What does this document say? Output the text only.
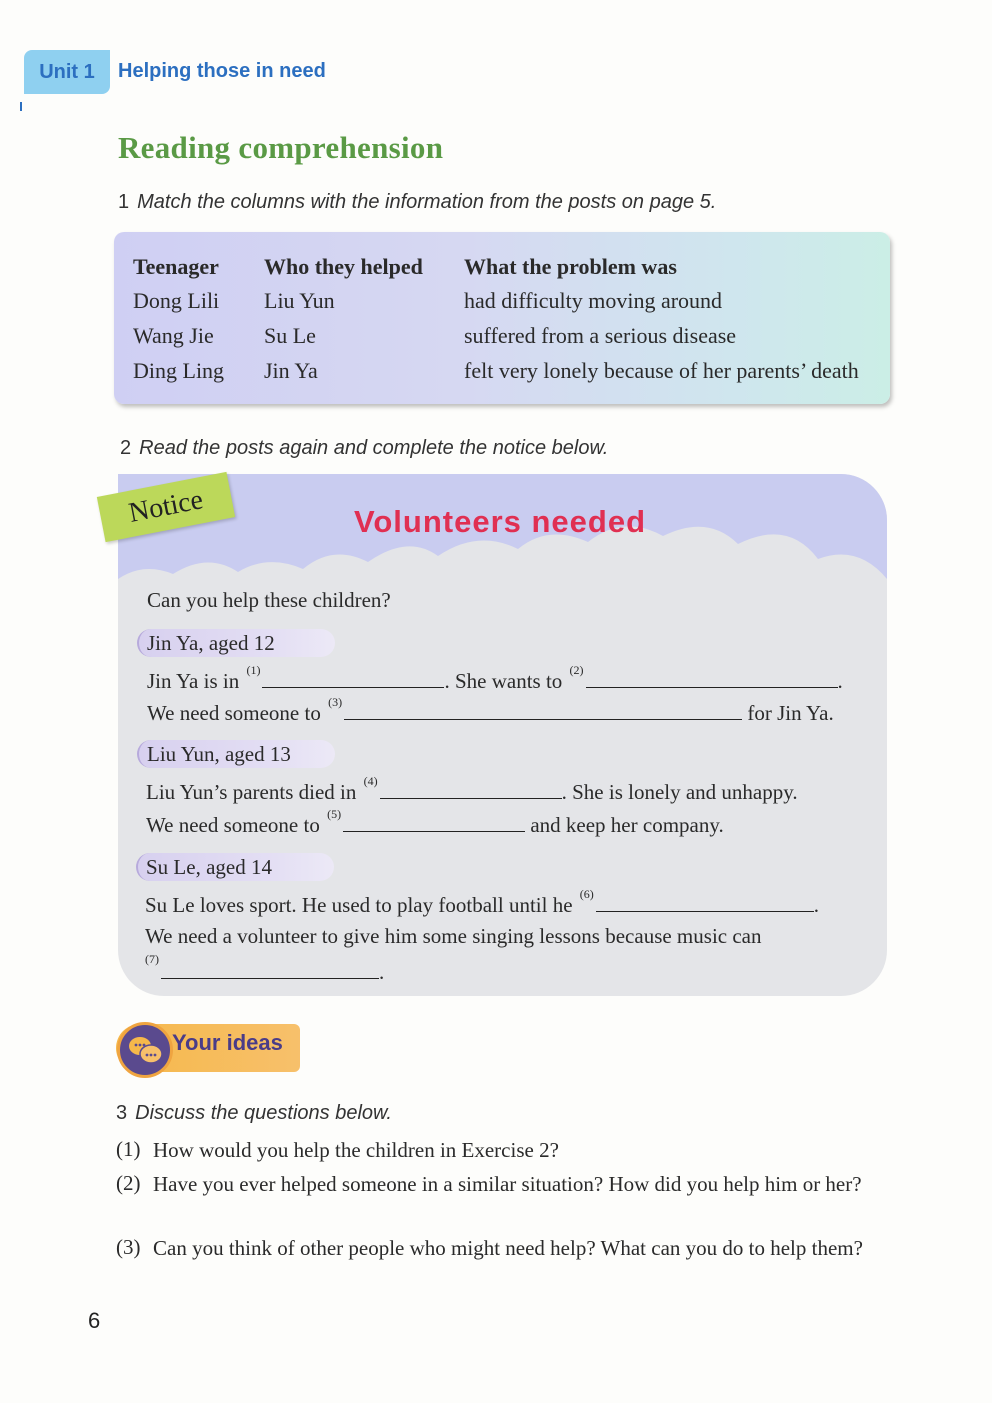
Unit 1	Helping those in need
Reading comprehension
1 Match the columns with the information from the posts on page 5.
Teenager	Who they helped	What the problem was
Dong Lili	Liu Yun	had difficulty moving around
Wang Jie	Su Le	suffered from a serious disease
Ding Ling	Jin Ya	felt very lonely because of her parents’ death
2 Read the posts again and complete the notice below.
Notice	Volunteers needed
Can you help these children?
Jin Ya, aged 12
Jin Ya is in $^{(1)}$	. She wants to $^{(2)}$	.
We need someone to $^{(3)}$	for Jin Ya.
Liu Yun, aged 13
Liu Yun’s parents died in $^{(4)}$	. She is lonely and unhappy.
We need someone to $^{(5)}$	and keep her company.
Su Le, aged 14
Su Le loves sport. He used to play football until he $^{(6)}$	.
We need a volunteer to give him some singing lessons because music can
$^{(7)}$.
Your ideas
3 Discuss the questions below.
(1) How would you help the children in Exercise 2?
(2) Have you ever helped someone in a similar situation? How did you help him or her?
(3) Can you think of other people who might need help? What can you do to help them?
6
